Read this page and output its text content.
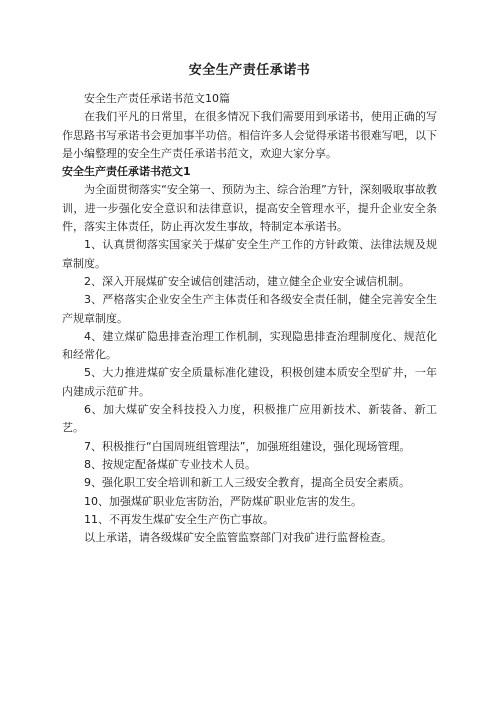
安全生产责任承诺书

安全生产责任承诺书范文10篇

在我们平凡的日常里，在很多情况下我们需要用到承诺书，使用正确的写作思路书写承诺书会更加事半功倍。相信许多人会觉得承诺书很难写吧，以下是小编整理的安全生产责任承诺书范文，欢迎大家分享。

安全生产责任承诺书范文1

为全面贯彻落实“安全第一、预防为主、综合治理”方针，深刻吸取事故教训，进一步强化安全意识和法律意识，提高安全管理水平，提升企业安全条件，落实主体责任，防止再次发生事故，特制定本承诺书。

1、认真贯彻落实国家关于煤矿安全生产工作的方针政策、法律法规及规章制度。

2、深入开展煤矿安全诚信创建活动，建立健全企业安全诚信机制。

3、严格落实企业安全生产主体责任和各级安全责任制，健全完善安全生产规章制度。

4、建立煤矿隐患排查治理工作机制，实现隐患排查治理制度化、规范化和经常化。

5、大力推进煤矿安全质量标准化建设，积极创建本质安全型矿井，一年内建成示范矿井。

6、加大煤矿安全科技投入力度，积极推广应用新技术、新装备、新工艺。

7、积极推行“白国周班组管理法”，加强班组建设，强化现场管理。

8、按规定配备煤矿专业技术人员。

9、强化职工安全培训和新工人三级安全教育，提高全员安全素质。

10、加强煤矿职业危害防治，严防煤矿职业危害的发生。

11、不再发生煤矿安全生产伤亡事故。

以上承诺，请各级煤矿安全监管监察部门对我矿进行监督检查。
